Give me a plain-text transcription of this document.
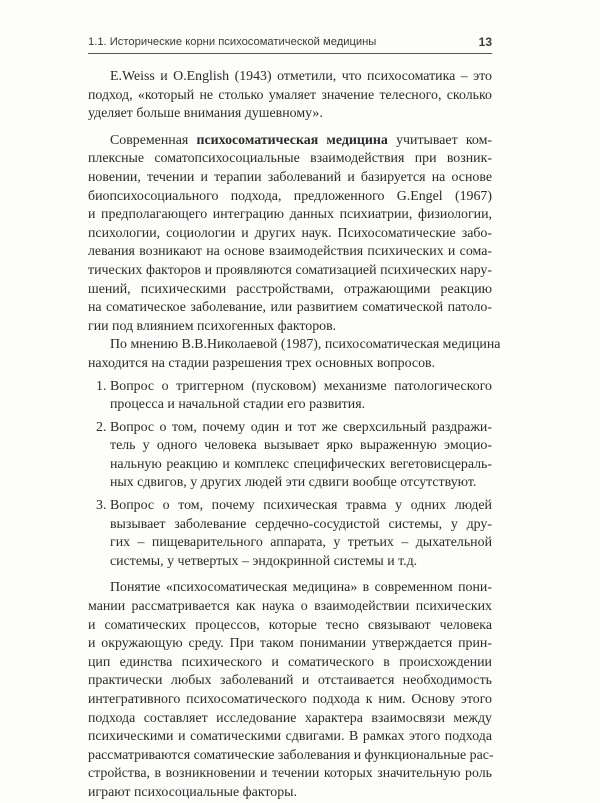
1.1. Исторические корни психосоматической медицины	13
E.Weiss и O.English (1943) отметили, что психосоматика – это
подход, «который не столько умаляет значение телесного, сколько
уделяет больше внимания душевному».
Современная психосоматическая медицина учитывает ком-
плексные соматопсихосоциальные взаимодействия при возник-
новении, течении и терапии заболеваний и базируется на основе
биопсихосоциального подхода, предложенного G.Engel (1967)
и предполагающего интеграцию данных психиатрии, физиологии,
психологии, социологии и других наук. Психосоматические забо-
левания возникают на основе взаимодействия психических и сома-
тических факторов и проявляются соматизацией психических нару-
шений, психическими расстройствами, отражающими реакцию
на соматическое заболевание, или развитием соматической патоло-
гии под влиянием психогенных факторов.
По мнению В.В.Николаевой (1987), психосоматическая медицина
находится на стадии разрешения трех основных вопросов.
1. Вопрос о триггерном (пусковом) механизме патологического
процесса и начальной стадии его развития.
2. Вопрос о том, почему один и тот же сверхсильный раздражи-
тель у одного человека вызывает ярко выраженную эмоцио-
нальную реакцию и комплекс специфических вегетовисцераль-
ных сдвигов, у других людей эти сдвиги вообще отсутствуют.
3. Вопрос о том, почему психическая травма у одних людей
вызывает заболевание сердечно-сосудистой системы, у дру-
гих – пищеварительного аппарата, у третьих – дыхательной
системы, у четвертых – эндокринной системы и т.д.
Понятие «психосоматическая медицина» в современном пони-
мании рассматривается как наука о взаимодействии психических
и соматических процессов, которые тесно связывают человека
и окружающую среду. При таком понимании утверждается прин-
цип единства психического и соматического в происхождении
практически любых заболеваний и отстаивается необходимость
интегративного психосоматического подхода к ним. Основу этого
подхода составляет исследование характера взаимосвязи между
психическими и соматическими сдвигами. В рамках этого подхода
рассматриваются соматические заболевания и функциональные рас-
стройства, в возникновении и течении которых значительную роль
играют психосоциальные факторы.
